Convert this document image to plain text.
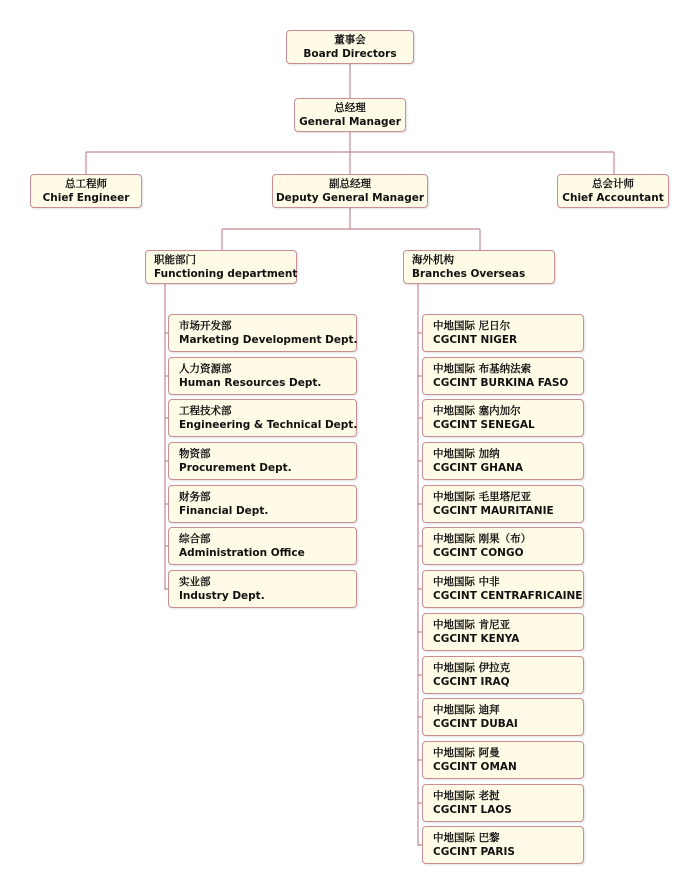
董事会
Board Directors
总经理
General Manager
总工程师
Chief Engineer
副总经理
Deputy General Manager
总会计师
Chief Accountant
职能部门
Functioning department
海外机构
Branches Overseas
市场开发部
Marketing Development Dept.
人力资源部
Human Resources Dept.
工程技术部
Engineering & Technical Dept.
物资部
Procurement Dept.
财务部
Financial Dept.
综合部
Administration Office
实业部
Industry Dept.
中地国际 尼日尔
CGCINT NIGER
中地国际 布基纳法索
CGCINT BURKINA FASO
中地国际 塞内加尔
CGCINT SENEGAL
中地国际 加纳
CGCINT GHANA
中地国际 毛里塔尼亚
CGCINT MAURITANIE
中地国际 刚果（布）
CGCINT CONGO
中地国际 中非
CGCINT CENTRAFRICAINE
中地国际 肯尼亚
CGCINT KENYA
中地国际 伊拉克
CGCINT IRAQ
中地国际 迪拜
CGCINT DUBAI
中地国际 阿曼
CGCINT OMAN
中地国际 老挝
CGCINT LAOS
中地国际 巴黎
CGCINT PARIS
